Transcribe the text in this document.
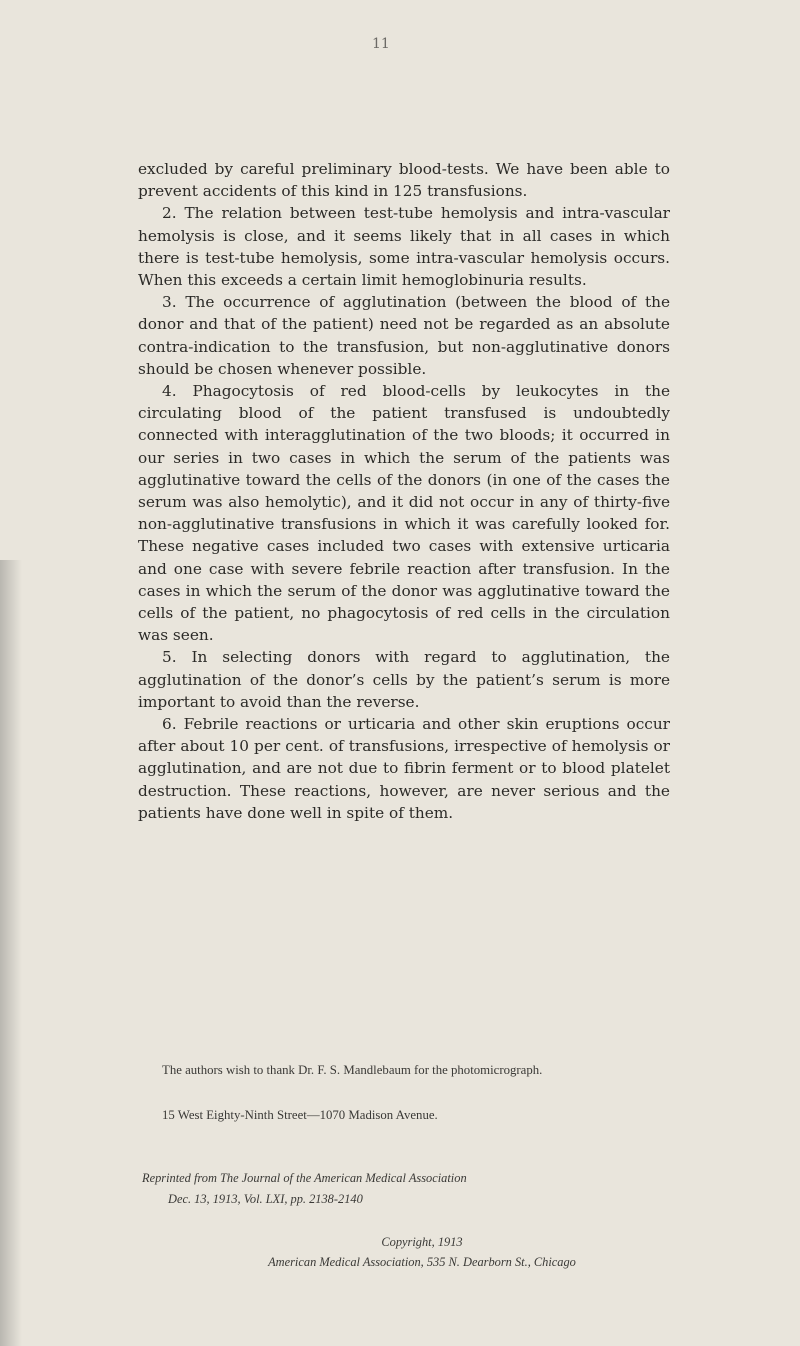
11

excluded by careful preliminary blood-tests. We have been able to prevent accidents of this kind in 125 transfusions.

2. The relation between test-tube hemolysis and intra-vascular hemolysis is close, and it seems likely that in all cases in which there is test-tube hemolysis, some intra-vascular hemolysis occurs. When this exceeds a certain limit hemoglobinuria results.

3. The occurrence of agglutination (between the blood of the donor and that of the patient) need not be regarded as an absolute contra-indication to the transfusion, but non-agglutinative donors should be chosen whenever possible.

4. Phagocytosis of red blood-cells by leukocytes in the circulating blood of the patient transfused is undoubtedly connected with interagglutination of the two bloods; it occurred in our series in two cases in which the serum of the patients was agglutinative toward the cells of the donors (in one of the cases the serum was also hemolytic), and it did not occur in any of thirty-five non-agglutinative transfusions in which it was carefully looked for. These negative cases included two cases with extensive urticaria and one case with severe febrile reaction after transfusion. In the cases in which the serum of the donor was agglutinative toward the cells of the patient, no phagocytosis of red cells in the circulation was seen.

5. In selecting donors with regard to agglutination, the agglutination of the donor’s cells by the patient’s serum is more important to avoid than the reverse.

6. Febrile reactions or urticaria and other skin eruptions occur after about 10 per cent. of transfusions, irrespective of hemolysis or agglutination, and are not due to fibrin ferment or to blood platelet destruction. These reactions, however, are never serious and the patients have done well in spite of them.

The authors wish to thank Dr. F. S. Mandlebaum for the photomicrograph.

15 West Eighty-Ninth Street—1070 Madison Avenue.
Reprinted from The Journal of the American Medical Association
Dec. 13, 1913, Vol. LXI, pp. 2138-2140
Copyright, 1913
American Medical Association, 535 N. Dearborn St., Chicago
